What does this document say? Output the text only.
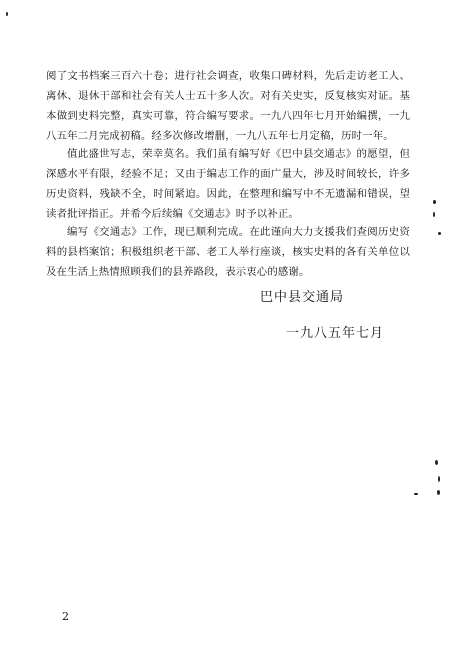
阅了文书档案三百六十卷；进行社会调查，收集口碑材料，先后走访老工人、离休、退休干部和社会有关人士五十多人次。对有关史实，反复核实对证。基本做到史料完整，真实可靠，符合编写要求。一九八四年七月开始编撰，一九八五年二月完成初稿。经多次修改增删，一九八五年七月定稿，历时一年。

值此盛世写志，荣幸莫名。我们虽有编写好《巴中县交通志》的愿望，但深感水平有限，经验不足；又由于编志工作的面广量大，涉及时间较长，许多历史资料，残缺不全，时间紧迫。因此，在整理和编写中不无遗漏和错误，望读者批评指正。并希今后续编《交通志》时予以补正。

编写《交通志》工作，现已顺利完成。在此谨向大力支援我们查阅历史资料的县档案馆；积极组织老干部、老工人举行座谈，核实史料的各有关单位以及在生活上热情照顾我们的县养路段，表示衷心的感谢。

巴中县交通局

一九八五年七月

2
